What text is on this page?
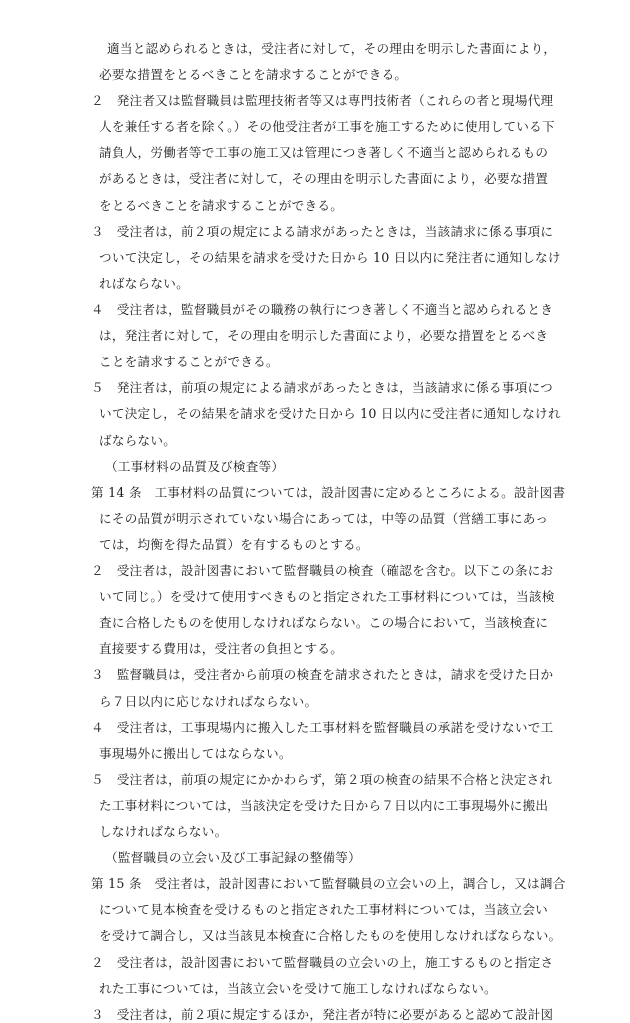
適当と認められるときは，受注者に対して，その理由を明示した書面により，
必要な措置をとるべきことを請求することができる。
２　発注者又は監督職員は監理技術者等又は専門技術者（これらの者と現場代理
人を兼任する者を除く。）その他受注者が工事を施工するために使用している下
請負人，労働者等で工事の施工又は管理につき著しく不適当と認められるもの
があるときは，受注者に対して，その理由を明示した書面により，必要な措置
をとるべきことを請求することができる。
３　受注者は，前２項の規定による請求があったときは，当該請求に係る事項に
ついて決定し，その結果を請求を受けた日から 10 日以内に発注者に通知しなけ
ればならない。
４　受注者は，監督職員がその職務の執行につき著しく不適当と認められるとき
は，発注者に対して，その理由を明示した書面により，必要な措置をとるべき
ことを請求することができる。
５　発注者は，前項の規定による請求があったときは，当該請求に係る事項につ
いて決定し，その結果を請求を受けた日から 10 日以内に受注者に通知しなけれ
ばならない。
（工事材料の品質及び検査等）
第 14 条　工事材料の品質については，設計図書に定めるところによる。設計図書
にその品質が明示されていない場合にあっては，中等の品質（営繕工事にあっ
ては，均衡を得た品質）を有するものとする。
２　受注者は，設計図書において監督職員の検査（確認を含む。以下この条にお
いて同じ。）を受けて使用すべきものと指定された工事材料については，当該検
査に合格したものを使用しなければならない。この場合において，当該検査に
直接要する費用は，受注者の負担とする。
３　監督職員は，受注者から前項の検査を請求されたときは，請求を受けた日か
ら７日以内に応じなければならない。
４　受注者は，工事現場内に搬入した工事材料を監督職員の承諾を受けないで工
事現場外に搬出してはならない。
５　受注者は，前項の規定にかかわらず，第２項の検査の結果不合格と決定され
た工事材料については，当該決定を受けた日から７日以内に工事現場外に搬出
しなければならない。
（監督職員の立会い及び工事記録の整備等）
第 15 条　受注者は，設計図書において監督職員の立会いの上，調合し，又は調合
について見本検査を受けるものと指定された工事材料については，当該立会い
を受けて調合し，又は当該見本検査に合格したものを使用しなければならない。
２　受注者は，設計図書において監督職員の立会いの上，施工するものと指定さ
れた工事については，当該立会いを受けて施工しなければならない。
３　受注者は，前２項に規定するほか，発注者が特に必要があると認めて設計図
